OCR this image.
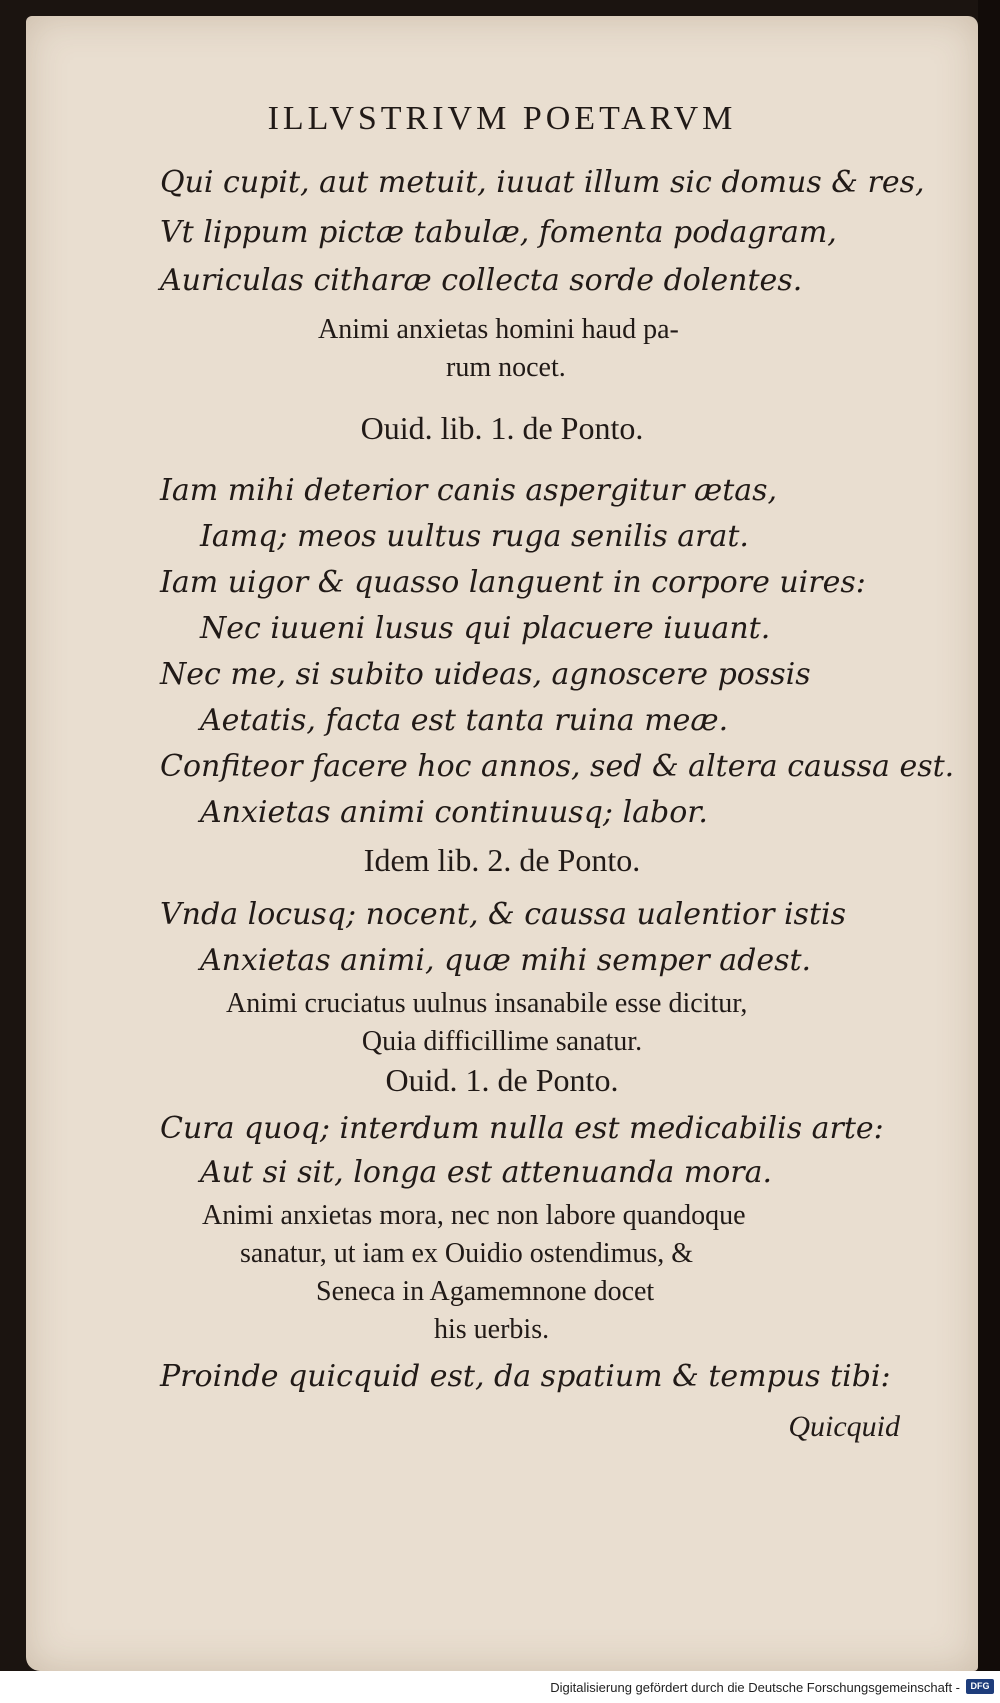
ILLVSTRIVM POETARVM
Qui cupit, aut metuit, iuuat illum sic domus & res,
Vt lippum pictæ tabulæ, fomenta podagram,
Auriculas citharæ collecta sorde dolentes.
Animi anxietas homini haud pa-
rum nocet.
Ouid. lib. 1. de Ponto.
Iam mihi deterior canis aspergitur ætas,
Iamq; meos uultus ruga senilis arat.
Iam uigor & quasso languent in corpore uires:
Nec iuueni lusus qui placuere iuuant.
Nec me, si subito uideas, agnoscere possis
Aetatis, facta est tanta ruina meæ.
Confiteor facere hoc annos, sed & altera caussa est.
Anxietas animi continuusq; labor.
Idem lib. 2. de Ponto.
Vnda locusq; nocent, & caussa ualentior istis
Anxietas animi, quæ mihi semper adest.
Animi cruciatus uulnus insanabile esse dicitur,
Quia difficillime sanatur.
Ouid. 1. de Ponto.
Cura quoq; interdum nulla est medicabilis arte:
Aut si sit, longa est attenuanda mora.
Animi anxietas mora, nec non labore quandoque
sanatur, ut iam ex Ouidio ostendimus, &
Seneca in Agamemnone docet
his uerbis.
Proinde quicquid est, da spatium & tempus tibi:
Quicquid
Digitalisierung gefördert durch die Deutsche Forschungsgemeinschaft -	DFG
